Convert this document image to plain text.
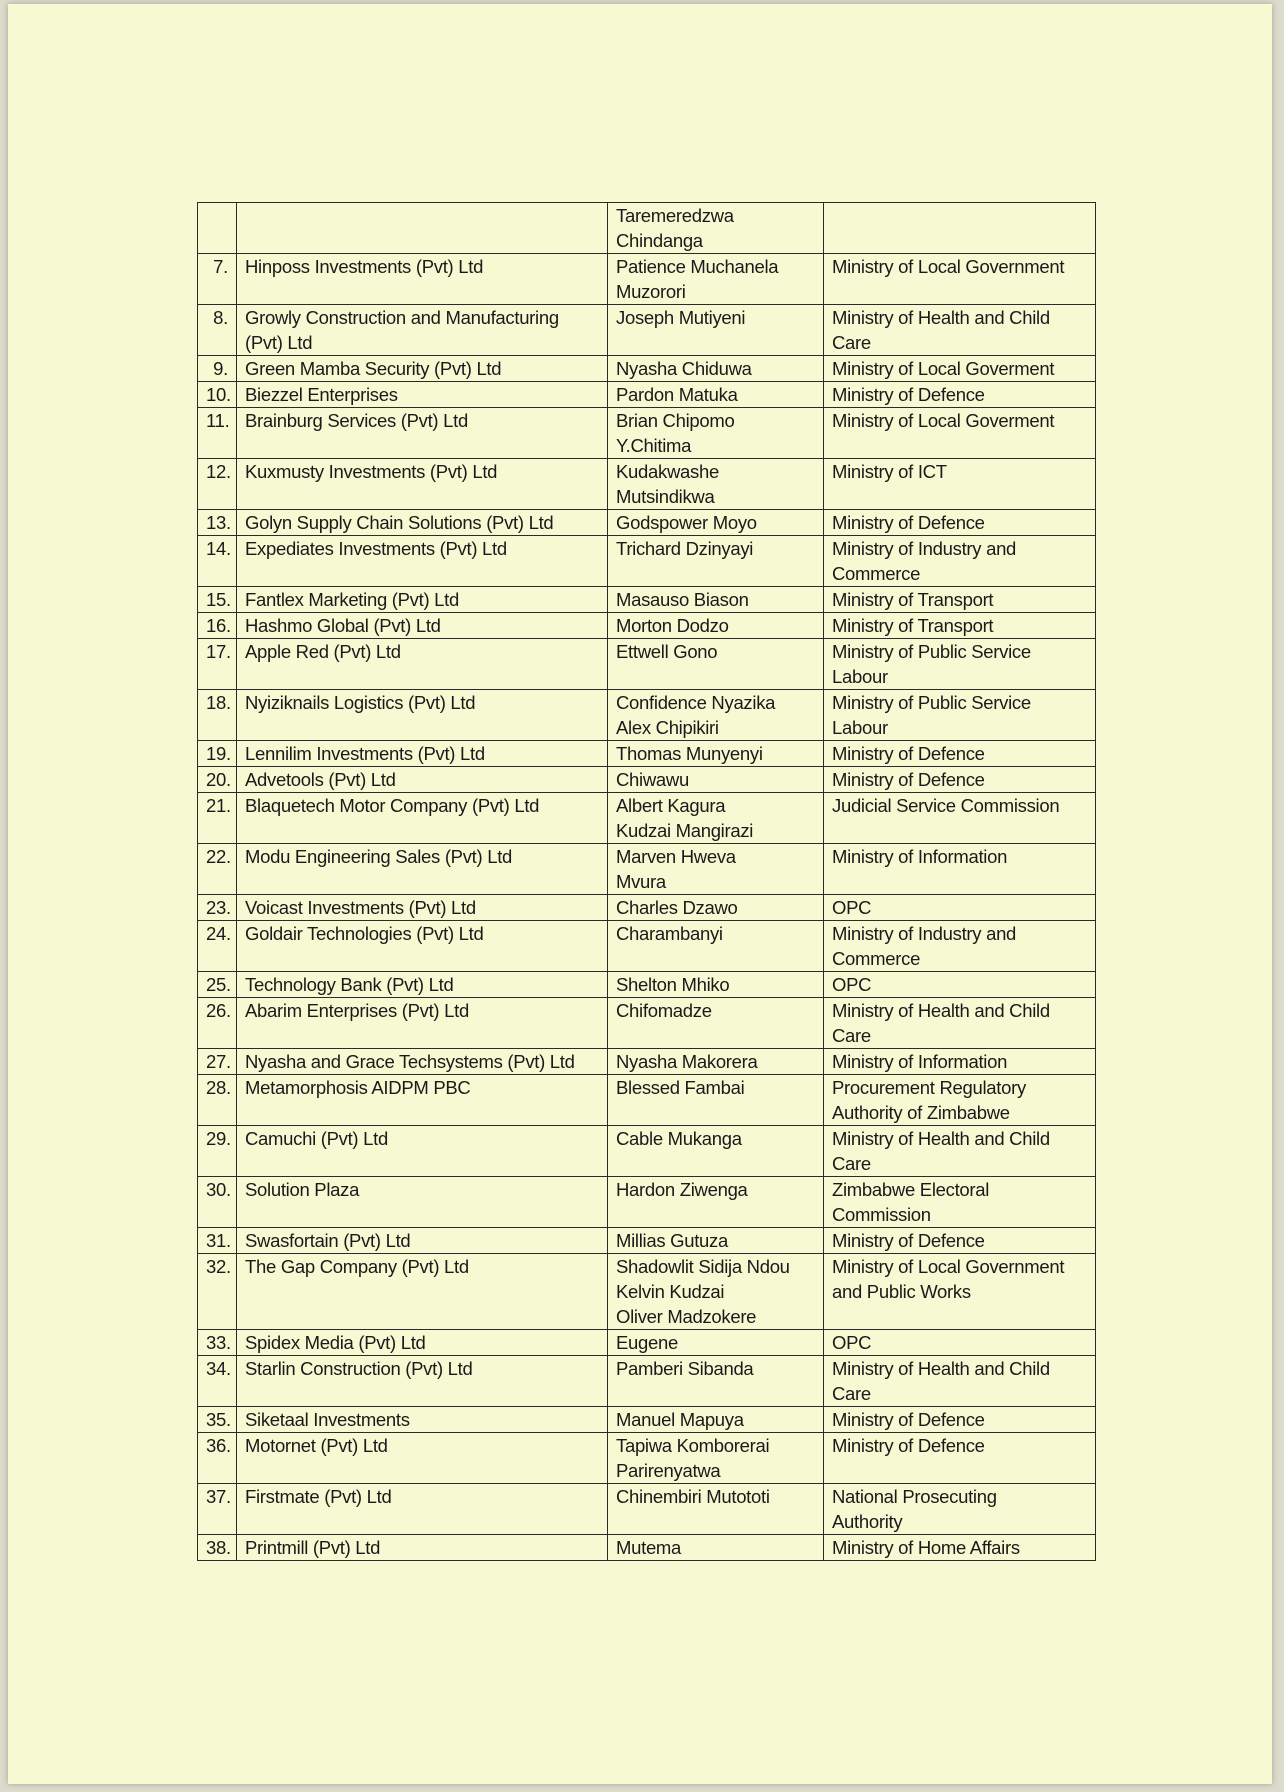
		Taremeredzwa
Chindanga	
7.	Hinposs Investments (Pvt) Ltd	Patience Muchanela
Muzorori	Ministry of Local Government
8.	Growly Construction and Manufacturing
(Pvt) Ltd	Joseph Mutiyeni	Ministry of Health and Child
Care
9.	Green Mamba Security (Pvt) Ltd	Nyasha Chiduwa	Ministry of Local Goverment
10.	Biezzel Enterprises	Pardon Matuka	Ministry of Defence
11.	Brainburg Services (Pvt) Ltd	Brian Chipomo
Y.Chitima	Ministry of Local Goverment
12.	Kuxmusty Investments (Pvt) Ltd	Kudakwashe
Mutsindikwa	Ministry of ICT
13.	Golyn Supply Chain Solutions (Pvt) Ltd	Godspower Moyo	Ministry of Defence
14.	Expediates Investments (Pvt) Ltd	Trichard Dzinyayi	Ministry of Industry and
Commerce
15.	Fantlex Marketing (Pvt) Ltd	Masauso Biason	Ministry of Transport
16.	Hashmo Global (Pvt) Ltd	Morton Dodzo	Ministry of Transport
17.	Apple Red (Pvt) Ltd	Ettwell Gono	Ministry of Public Service
Labour
18.	Nyiziknails Logistics (Pvt) Ltd	Confidence Nyazika
Alex Chipikiri	Ministry of Public Service
Labour
19.	Lennilim Investments (Pvt) Ltd	Thomas Munyenyi	Ministry of Defence
20.	Advetools (Pvt) Ltd	Chiwawu	Ministry of Defence
21.	Blaquetech Motor Company (Pvt) Ltd	Albert Kagura
Kudzai Mangirazi	Judicial Service Commission
22.	Modu Engineering Sales (Pvt) Ltd	Marven Hweva
Mvura	Ministry of Information
23.	Voicast Investments (Pvt) Ltd	Charles Dzawo	OPC
24.	Goldair Technologies (Pvt) Ltd	Charambanyi	Ministry of Industry and
Commerce
25.	Technology Bank (Pvt) Ltd	Shelton Mhiko	OPC
26.	Abarim Enterprises (Pvt) Ltd	Chifomadze	Ministry of Health and Child
Care
27.	Nyasha and Grace Techsystems (Pvt) Ltd	Nyasha Makorera	Ministry of Information
28.	Metamorphosis AIDPM PBC	Blessed Fambai	Procurement Regulatory
Authority of Zimbabwe
29.	Camuchi (Pvt) Ltd	Cable Mukanga	Ministry of Health and Child
Care
30.	Solution Plaza	Hardon Ziwenga	Zimbabwe Electoral
Commission
31.	Swasfortain (Pvt) Ltd	Millias Gutuza	Ministry of Defence
32.	The Gap Company (Pvt) Ltd	Shadowlit Sidija Ndou
Kelvin Kudzai
Oliver Madzokere	Ministry of Local Government
and Public Works
33.	Spidex Media (Pvt) Ltd	Eugene	OPC
34.	Starlin Construction (Pvt) Ltd	Pamberi Sibanda	Ministry of Health and Child
Care
35.	Siketaal Investments	Manuel Mapuya	Ministry of Defence
36.	Motornet (Pvt) Ltd	Tapiwa Komborerai
Parirenyatwa	Ministry of Defence
37.	Firstmate (Pvt) Ltd	Chinembiri Mutototi	National Prosecuting
Authority
38.	Printmill (Pvt) Ltd	Mutema	Ministry of Home Affairs
